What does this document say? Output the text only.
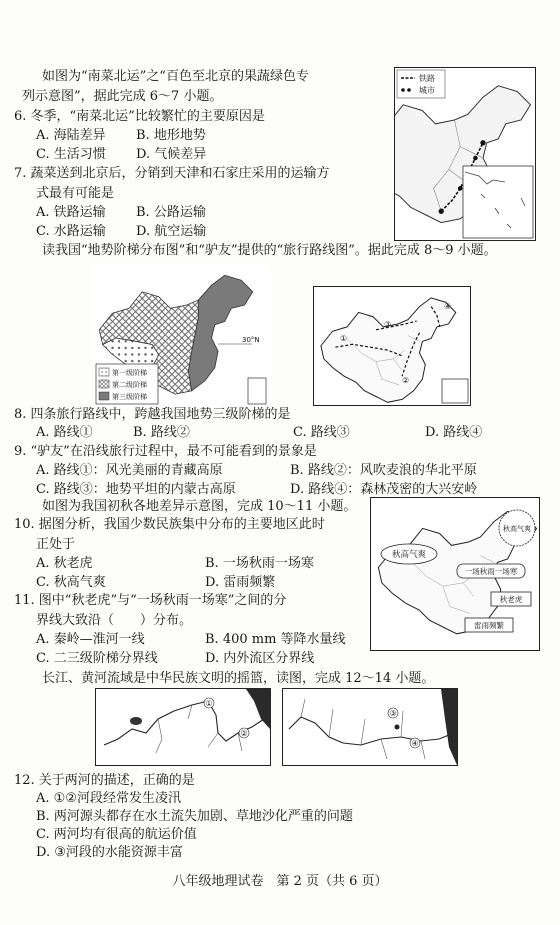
如图为“南菜北运”之“百色至北京的果蔬绿色专
列示意图”，据此完成 6～7 小题。
6. 冬季，“南菜北运”比较繁忙的主要原因是
A. 海陆差异 B. 地形地势
C. 生活习惯 D. 气候差异
7. 蔬菜送到北京后，分销到天津和石家庄采用的运输方
式最有可能是
A. 铁路运输 B. 公路运输
C. 水路运输 D. 航空运输
铁路
城市
读我国“地势阶梯分布图”和“驴友”提供的“旅行路线图”。据此完成 8～9 小题。
30°N
第一级阶梯
第二级阶梯
第三级阶梯
①
②
③
④
8. 四条旅行路线中，跨越我国地势三级阶梯的是
A. 路线①	B. 路线②	C. 路线③	D. 路线④
9. “驴友”在沿线旅行过程中，最不可能看到的景象是
A. 路线①：风光美丽的青藏高原	B. 路线②：风吹麦浪的华北平原
C. 路线③：地势平坦的内蒙古高原	D. 路线④：森林茂密的大兴安岭
如图为我国初秋各地差异示意图，完成 10～11 小题。
秋高气爽
秋高气爽
一场秋雨一场寒
秋老虎
雷雨频繁
10. 据图分析，我国少数民族集中分布的主要地区此时
正处于
A. 秋老虎	B. 一场秋雨一场寒
C. 秋高气爽	D. 雷雨频繁
11. 图中“秋老虎”与“一场秋雨一场寒”之间的分
界线大致沿（　　）分布。
A. 秦岭—淮河一线	B. 400 mm 等降水量线
C. 二三级阶梯分界线	D. 内外流区分界线
长江、黄河流域是中华民族文明的摇篮，读图，完成 12～14 小题。
①
②
③
④
12. 关于两河的描述，正确的是
A. ①②河段经常发生凌汛
B. 两河源头都存在水土流失加剧、草地沙化严重的问题
C. 两河均有很高的航运价值
D. ③河段的水能资源丰富
八年级地理试卷　第 2 页（共 6 页）
